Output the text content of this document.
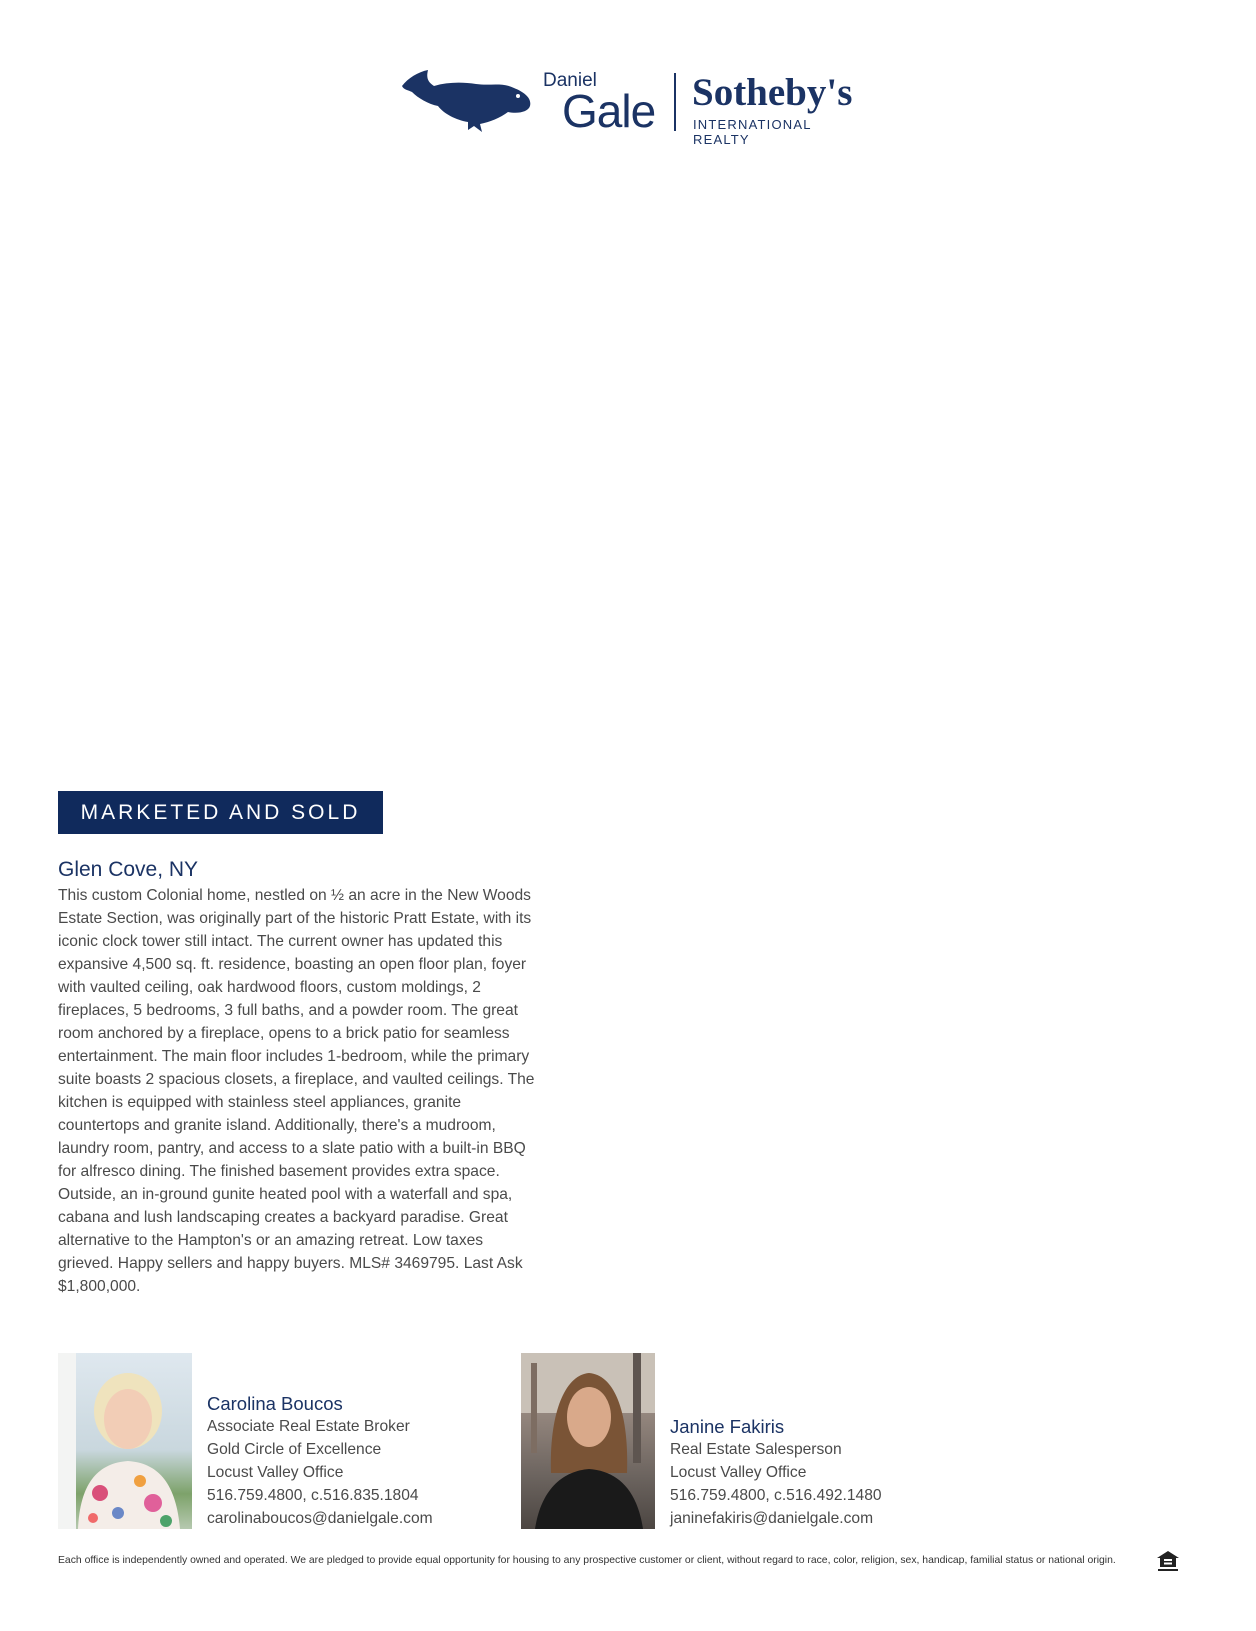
Daniel
Gale Sotheby's
INTERNATIONAL REALTY
MARKETED AND SOLD
Glen Cove, NY

This custom Colonial home, nestled on ½ an acre in the New Woods Estate Section, was originally part of the historic Pratt Estate, with its iconic clock tower still intact. The current owner has updated this expansive 4,500 sq. ft. residence, boasting an open floor plan, foyer with vaulted ceiling, oak hardwood floors, custom moldings, 2 fireplaces, 5 bedrooms, 3 full baths, and a powder room. The great room anchored by a fireplace, opens to a brick patio for seamless entertainment. The main floor includes 1-bedroom, while the primary suite boasts 2 spacious closets, a fireplace, and vaulted ceilings. The kitchen is equipped with stainless steel appliances, granite countertops and granite island. Additionally, there's a mudroom, laundry room, pantry, and access to a slate patio with a built-in BBQ for alfresco dining. The finished basement provides extra space. Outside, an in-ground gunite heated pool with a waterfall and spa, cabana and lush landscaping creates a backyard paradise. Great alternative to the Hampton's or an amazing retreat. Low taxes grieved. Happy sellers and happy buyers. MLS# 3469795. Last Ask $1,800,000.

Carolina Boucos
Associate Real Estate Broker
Gold Circle of Excellence
Locust Valley Office
516.759.4800, c.516.835.1804
carolinaboucos@danielgale.com
Janine Fakiris
Real Estate Salesperson
Locust Valley Office
516.759.4800, c.516.492.1480
janinefakiris@danielgale.com
Each office is independently owned and operated. We are pledged to provide equal opportunity for housing to any prospective customer or client, without regard to race, color, religion, sex, handicap, familial status or national origin.
